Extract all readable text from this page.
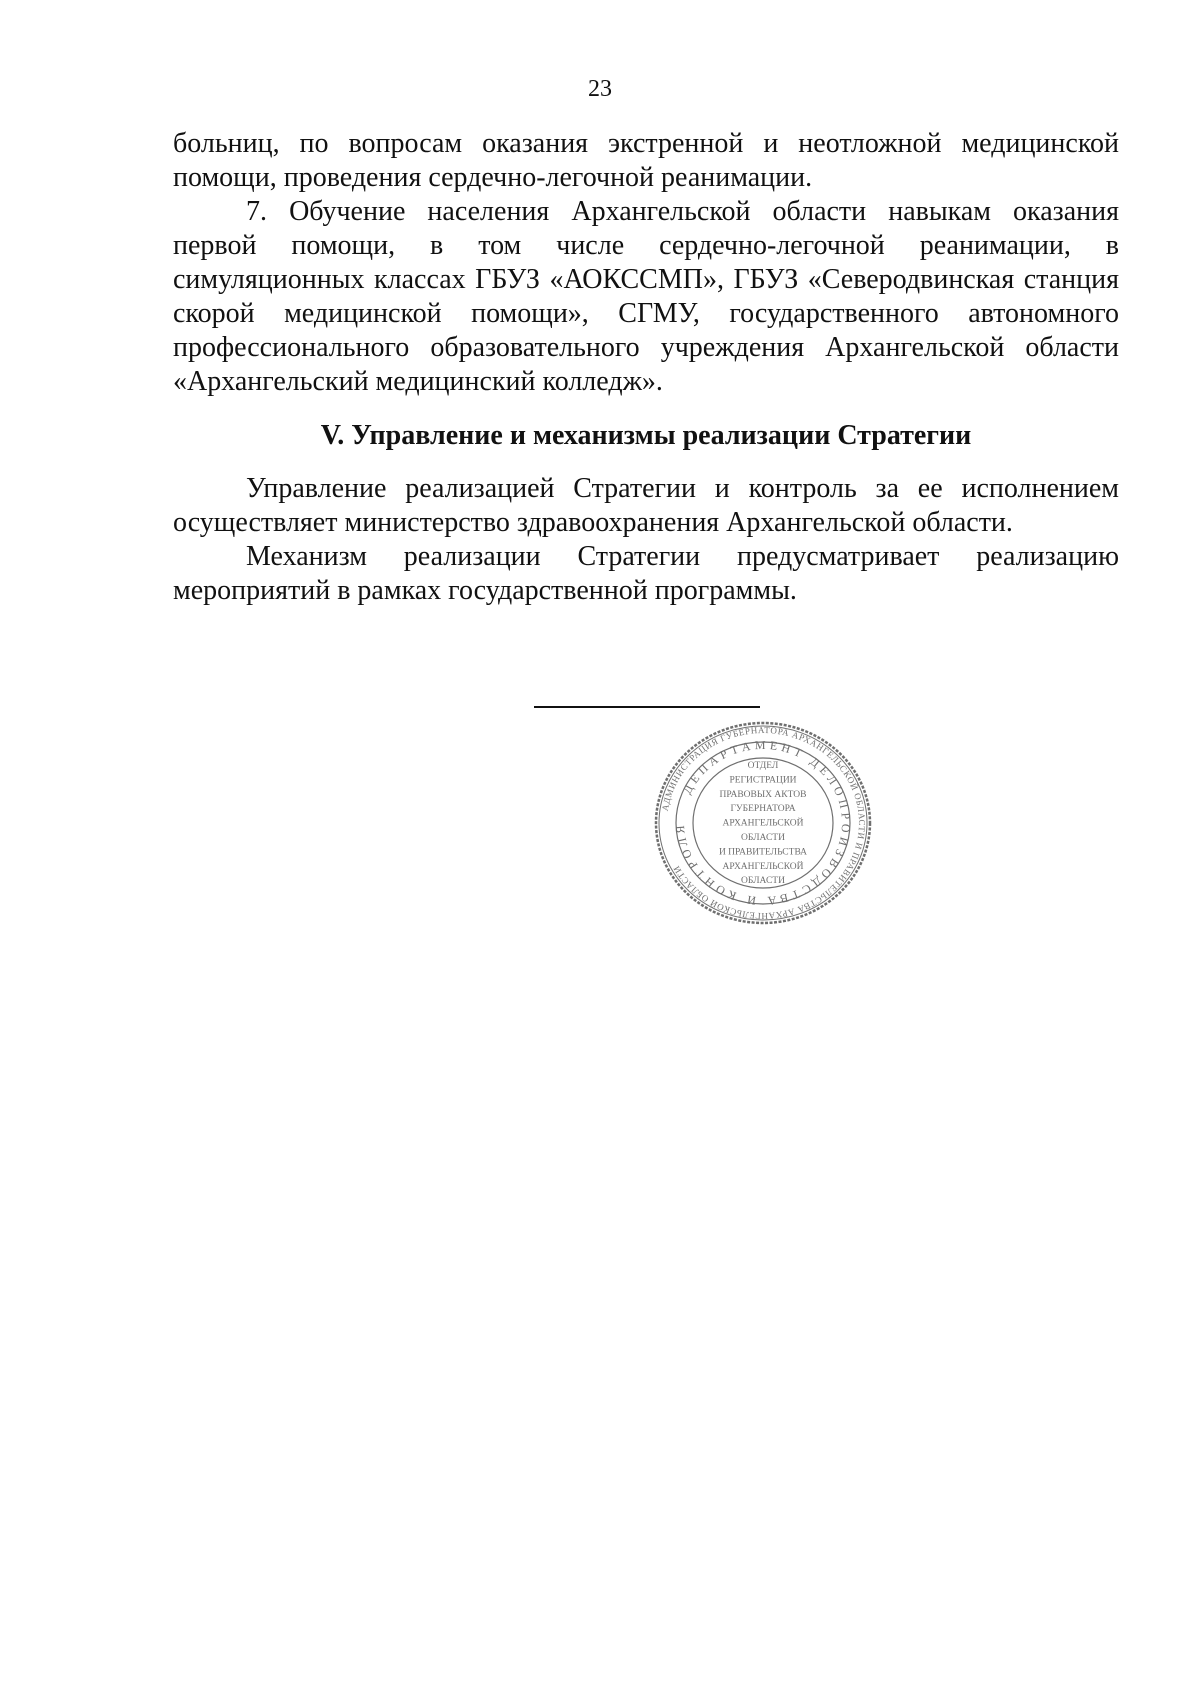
23

больниц, по вопросам оказания экстренной и неотложной медицинской помощи, проведения сердечно-легочной реанимации.

7. Обучение населения Архангельской области навыкам оказания первой помощи, в том числе сердечно-легочной реанимации, в симуляционных классах ГБУЗ «АОКССМП», ГБУЗ «Северодвинская станция скорой медицинской помощи», СГМУ, государственного автономного профессионального образовательного учреждения Архангельской области «Архангельский медицинский колледж».

V. Управление и механизмы реализации Стратегии

Управление реализацией Стратегии и контроль за ее исполнением осуществляет министерство здравоохранения Архангельской области.

Механизм реализации Стратегии предусматривает реализацию мероприятий в рамках государственной программы.

АДМИНИСТРАЦИЯ ГУБЕРНАТОРА АРХАНГЕЛЬСКОЙ ОБЛАСТИ И ПРАВИТЕЛЬСТВА АРХАНГЕЛЬСКОЙ ОБЛАСТИ
ДЕПАРТАМЕНТ ДЕЛОПРОИЗВОДСТВА И КОНТРОЛЯ
ОТДЕЛ
РЕГИСТРАЦИИ
ПРАВОВЫХ АКТОВ
ГУБЕРНАТОРА
АРХАНГЕЛЬСКОЙ
ОБЛАСТИ
И ПРАВИТЕЛЬСТВА
АРХАНГЕЛЬСКОЙ
ОБЛАСТИ
